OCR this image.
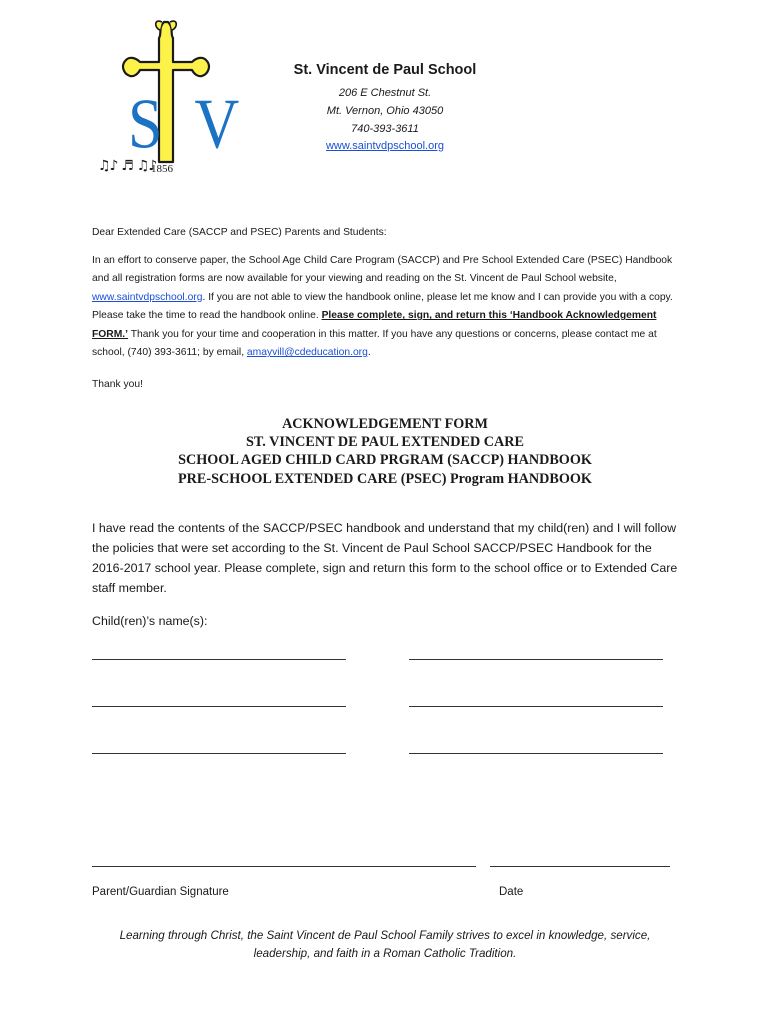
SV
♫♪ ♬ ♫♪
1856
St. Vincent de Paul School
206 E Chestnut St.
Mt. Vernon, Ohio 43050
740-393-3611
www.saintvdpschool.org
Dear Extended Care (SACCP and PSEC) Parents and Students:
In an effort to conserve paper, the School Age Child Care Program (SACCP) and Pre School Extended Care (PSEC) Handbook and all registration forms are now available for your viewing and reading on the St. Vincent de Paul School website, www.saintvdpschool.org. If you are not able to view the handbook online, please let me know and I can provide you with a copy. Please take the time to read the handbook online. Please complete, sign, and return this ‘Handbook Acknowledgement FORM.’ Thank you for your time and cooperation in this matter. If you have any questions or concerns, please contact me at school, (740) 393-3611; by email, amayvill@cdeducation.org.
Thank you!
ACKNOWLEDGEMENT FORM
ST. VINCENT DE PAUL EXTENDED CARE
SCHOOL AGED CHILD CARD PRGRAM (SACCP) HANDBOOK
PRE-SCHOOL EXTENDED CARE (PSEC) Program HANDBOOK
I have read the contents of the SACCP/PSEC handbook and understand that my child(ren) and I will follow the policies that were set according to the St. Vincent de Paul School SACCP/PSEC Handbook for the 2016-2017 school year. Please complete, sign and return this form to the school office or to Extended Care staff member.
Child(ren)’s name(s):
Parent/Guardian Signature	Date
Learning through Christ, the Saint Vincent de Paul School Family strives to excel in knowledge, service,
leadership, and faith in a Roman Catholic Tradition.
